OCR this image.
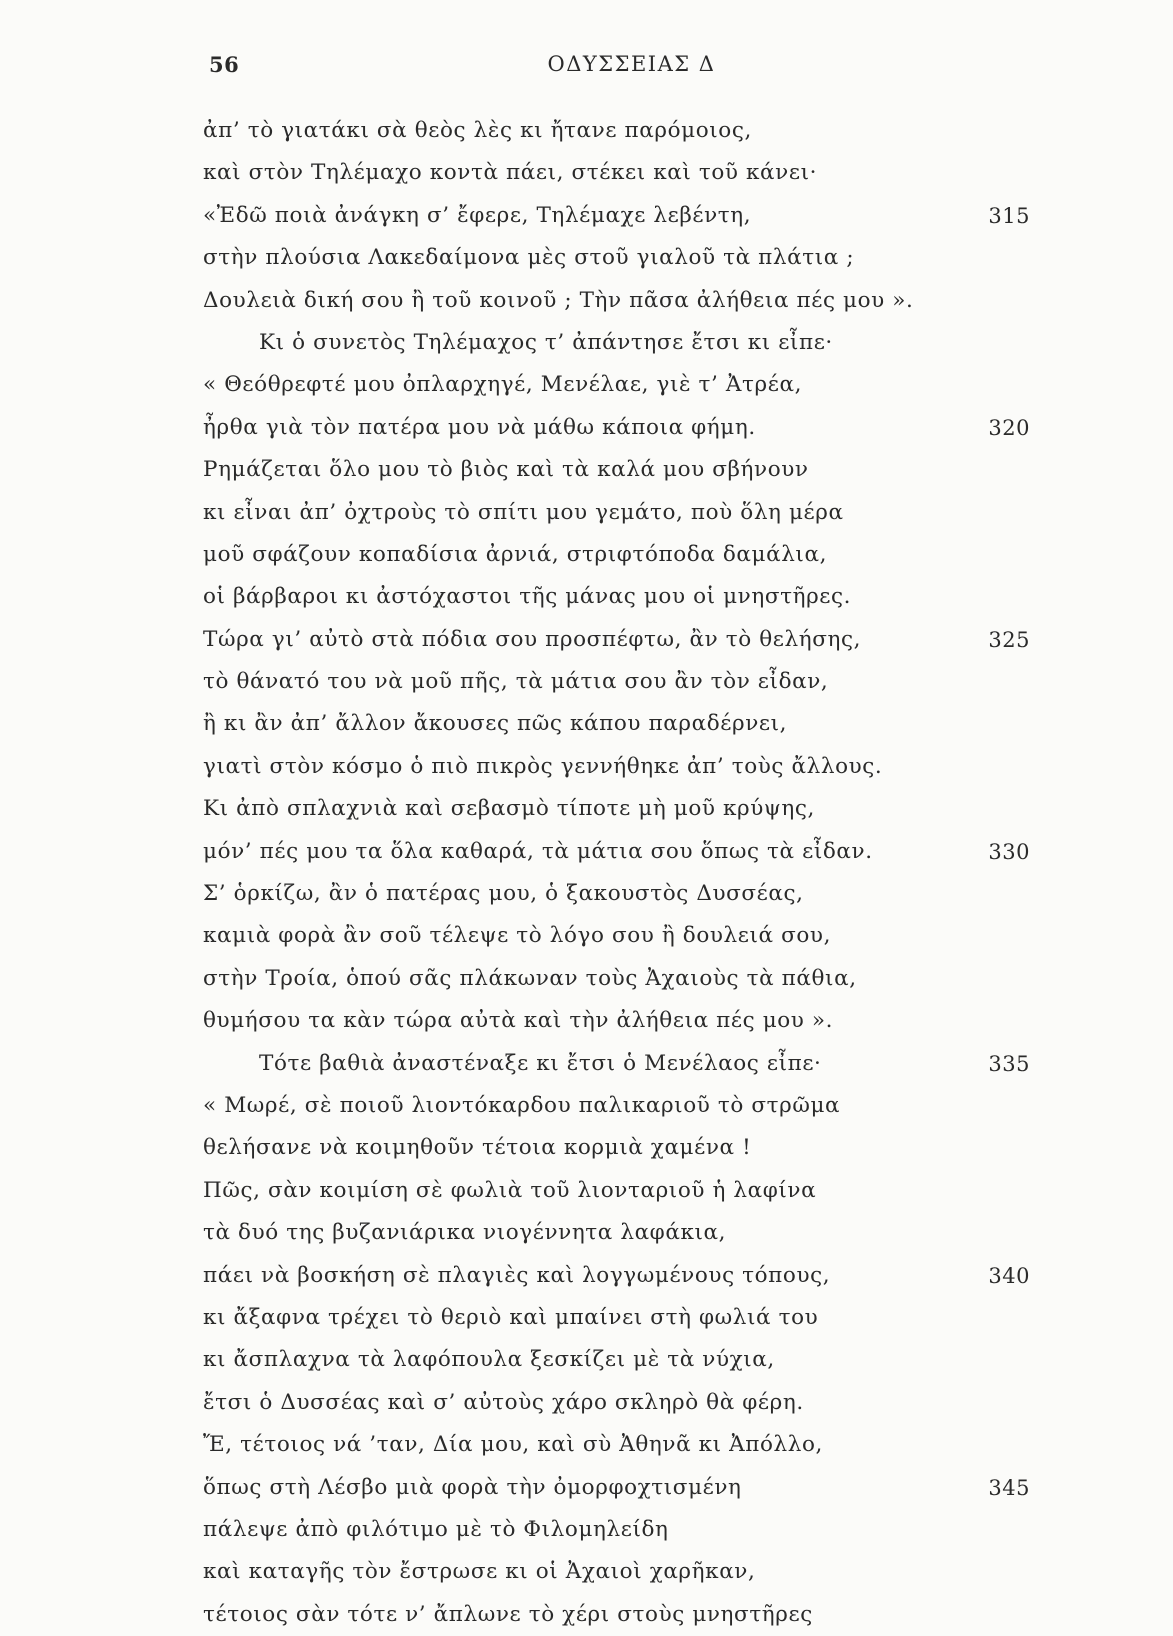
56	ΟΔΥΣΣΕΙΑΣ Δ
ἀπ’ τὸ γιατάκι σὰ θεὸς λὲς κι ἤτανε παρόμοιος,
καὶ στὸν Τηλέμαχο κοντὰ πάει, στέκει καὶ τοῦ κάνει·
«Ἐδῶ ποιὰ ἀνάγκη σ’ ἔφερε, Τηλέμαχε λεβέντη,	315
στὴν πλούσια Λακεδαίμονα μὲς στοῦ γιαλοῦ τὰ πλάτια ;
Δουλειὰ δική σου ἢ τοῦ κοινοῦ ; Τὴν πᾶσα ἀλήθεια πές μου ».
Κι ὁ συνετὸς Τηλέμαχος τ’ ἀπάντησε ἔτσι κι εἶπε·
« Θεόθρεφτέ μου ὀπλαρχηγέ, Μενέλαε, γιὲ τ’ Ἀτρέα,
ἦρθα γιὰ τὸν πατέρα μου νὰ μάθω κάποια φήμη.	320
Ρημάζεται ὅλο μου τὸ βιὸς καὶ τὰ καλά μου σβήνουν
κι εἶναι ἀπ’ ὀχτροὺς τὸ σπίτι μου γεμάτο, ποὺ ὅλη μέρα
μοῦ σφάζουν κοπαδίσια ἀρνιά, στριφτόποδα δαμάλια,
οἱ βάρβαροι κι ἀστόχαστοι τῆς μάνας μου οἱ μνηστῆρες.
Τώρα γι’ αὐτὸ στὰ πόδια σου προσπέφτω, ἂν τὸ θελήσης,	325
τὸ θάνατό του νὰ μοῦ πῆς, τὰ μάτια σου ἂν τὸν εἶδαν,
ἢ κι ἂν ἀπ’ ἄλλον ἄκουσες πῶς κάπου παραδέρνει,
γιατὶ στὸν κόσμο ὁ πιὸ πικρὸς γεννήθηκε ἀπ’ τοὺς ἄλλους.
Κι ἀπὸ σπλαχνιὰ καὶ σεβασμὸ τίποτε μὴ μοῦ κρύψης,
μόν’ πές μου τα ὅλα καθαρά, τὰ μάτια σου ὅπως τὰ εἶδαν.	330
Σ’ ὁρκίζω, ἂν ὁ πατέρας μου, ὁ ξακουστὸς Δυσσέας,
καμιὰ φορὰ ἂν σοῦ τέλεψε τὸ λόγο σου ἢ δουλειά σου,
στὴν Τροία, ὁπού σᾶς πλάκωναν τοὺς Ἀχαιοὺς τὰ πάθια,
θυμήσου τα κὰν τώρα αὐτὰ καὶ τὴν ἀλήθεια πές μου ».
Τότε βαθιὰ ἀναστέναξε κι ἔτσι ὁ Μενέλαος εἶπε·	335
« Μωρέ, σὲ ποιοῦ λιοντόκαρδου παλικαριοῦ τὸ στρῶμα
θελήσανε νὰ κοιμηθοῦν τέτοια κορμιὰ χαμένα !
Πῶς, σὰν κοιμίση σὲ φωλιὰ τοῦ λιονταριοῦ ἡ λαφίνα
τὰ δυό της βυζανιάρικα νιογέννητα λαφάκια,
πάει νὰ βοσκήση σὲ πλαγιὲς καὶ λογγωμένους τόπους,	340
κι ἄξαφνα τρέχει τὸ θεριὸ καὶ μπαίνει στὴ φωλιά του
κι ἄσπλαχνα τὰ λαφόπουλα ξεσκίζει μὲ τὰ νύχια,
ἔτσι ὁ Δυσσέας καὶ σ’ αὐτοὺς χάρο σκληρὸ θὰ φέρη.
Ἔ, τέτοιος νά ’ταν, Δία μου, καὶ σὺ Ἀθηνᾶ κι Ἀπόλλο,
ὅπως στὴ Λέσβο μιὰ φορὰ τὴν ὀμορφοχτισμένη	345
πάλεψε ἀπὸ φιλότιμο μὲ τὸ Φιλομηλείδη
καὶ καταγῆς τὸν ἔστρωσε κι οἱ Ἀχαιοὶ χαρῆκαν,
τέτοιος σὰν τότε ν’ ἄπλωνε τὸ χέρι στοὺς μνηστῆρες
